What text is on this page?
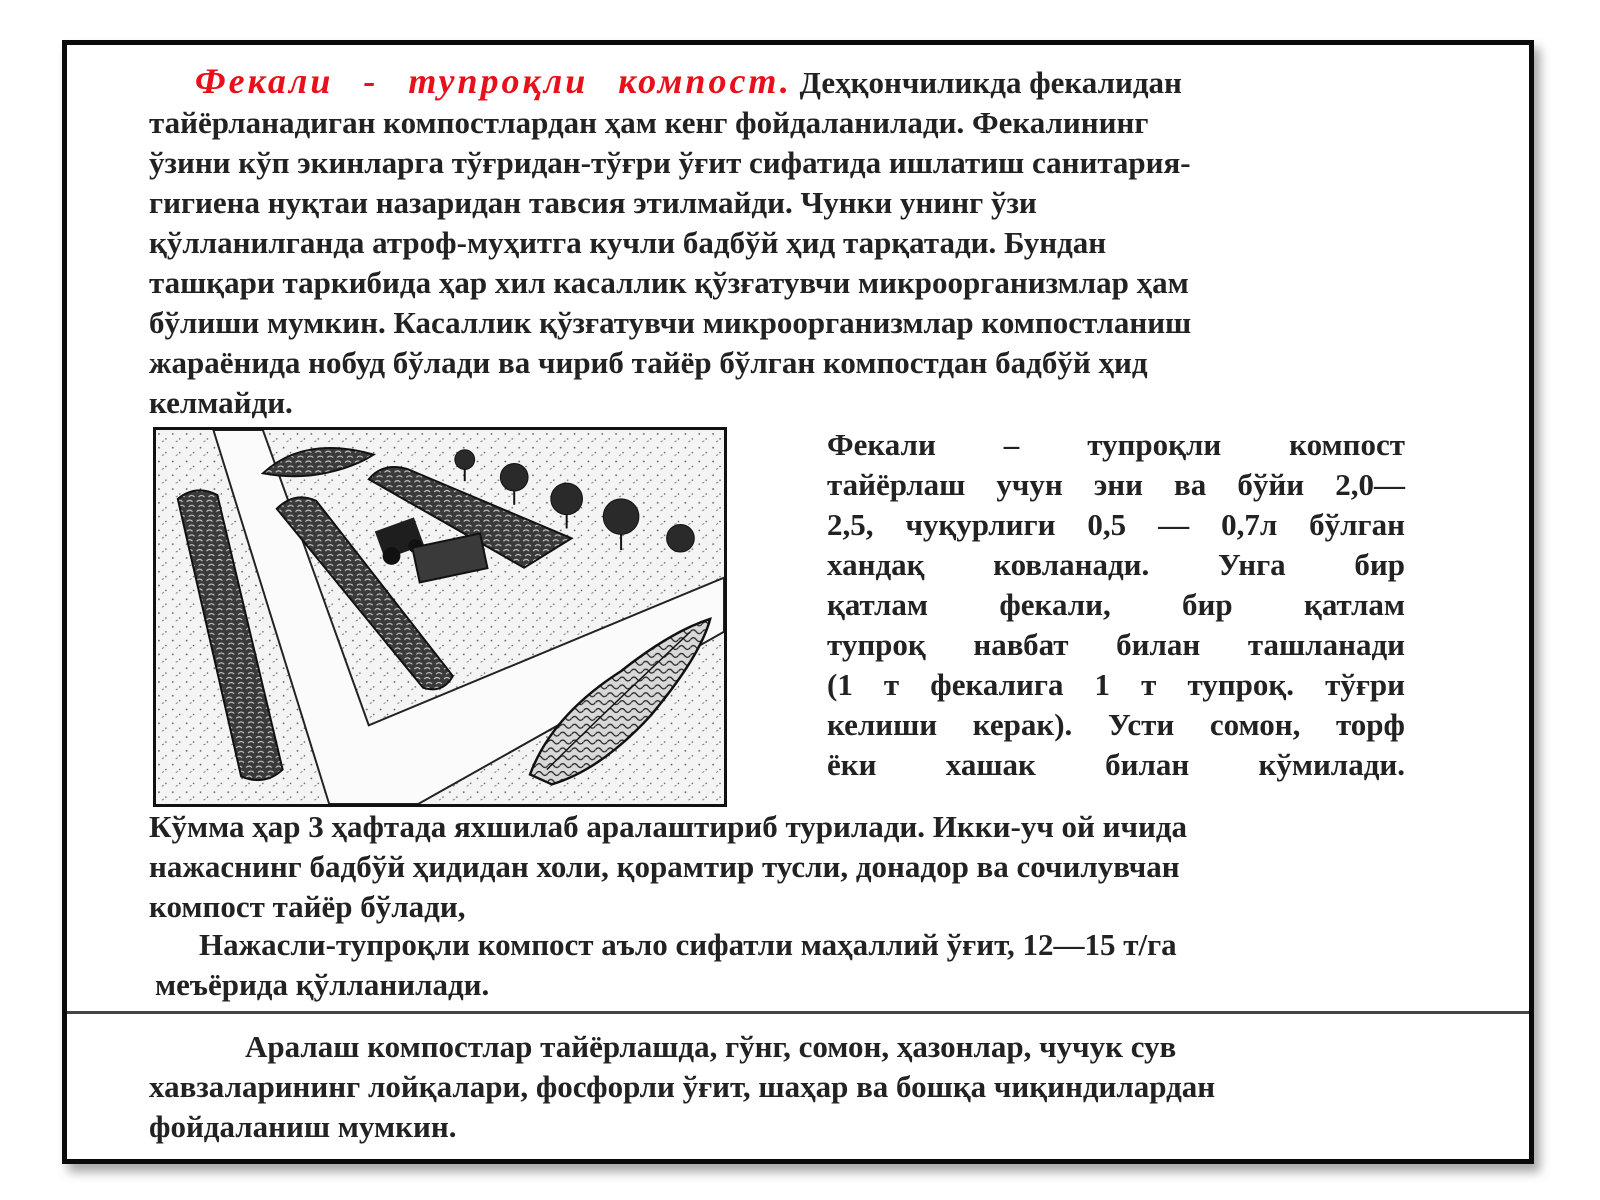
Фекали - тупроқли компост. Деҳқончиликда фекалидан
тайёрланадиган компостлардан ҳам кенг фойдаланилади. Фекалининг
ўзини кўп экинларга тўғридан-тўғри ўғит сифатида ишлатиш санитария-
гигиена нуқтаи назаридан тавсия этилмайди. Чунки унинг ўзи
қўлланилганда атроф-муҳитга кучли бадбўй ҳид тарқатади. Бундан
ташқари таркибида ҳар хил касаллик қўзғатувчи микроорганизмлар ҳам
бўлиши мумкин. Касаллик қўзғатувчи микроорганизмлар компостланиш
жараёнида нобуд бўлади ва чириб тайёр бўлган компостдан бадбўй ҳид
келмайди.
Фекали – тупроқли компост
тайёрлаш учун эни ва бўйи 2,0—
2,5, чуқурлиги 0,5 — 0,7л бўлган
хандақ ковланади. Унга бир
қатлам фекали, бир қатлам
тупроқ навбат билан ташланади
(1 т фекалига 1 т тупроқ. тўғри
келиши керак). Усти сомон, торф
ёки хашак билан кўмилади.
Кўмма ҳар 3 ҳафтада яхшилаб аралаштириб турилади. Икки-уч ой ичида
нажаснинг бадбўй ҳидидан холи, қорамтир тусли, донадор ва сочилувчан
компост тайёр бўлади,
Нажасли-тупроқли компост аъло сифатли маҳаллий ўғит, 12—15 т/га
меъёрида қўлланилади.
Аралаш компостлар тайёрлашда, гўнг, сомон, ҳазонлар, чучук сув
хавзаларининг лойқалари, фосфорли ўғит, шаҳар ва бошқа чиқиндилардан
фойдаланиш мумкин.
